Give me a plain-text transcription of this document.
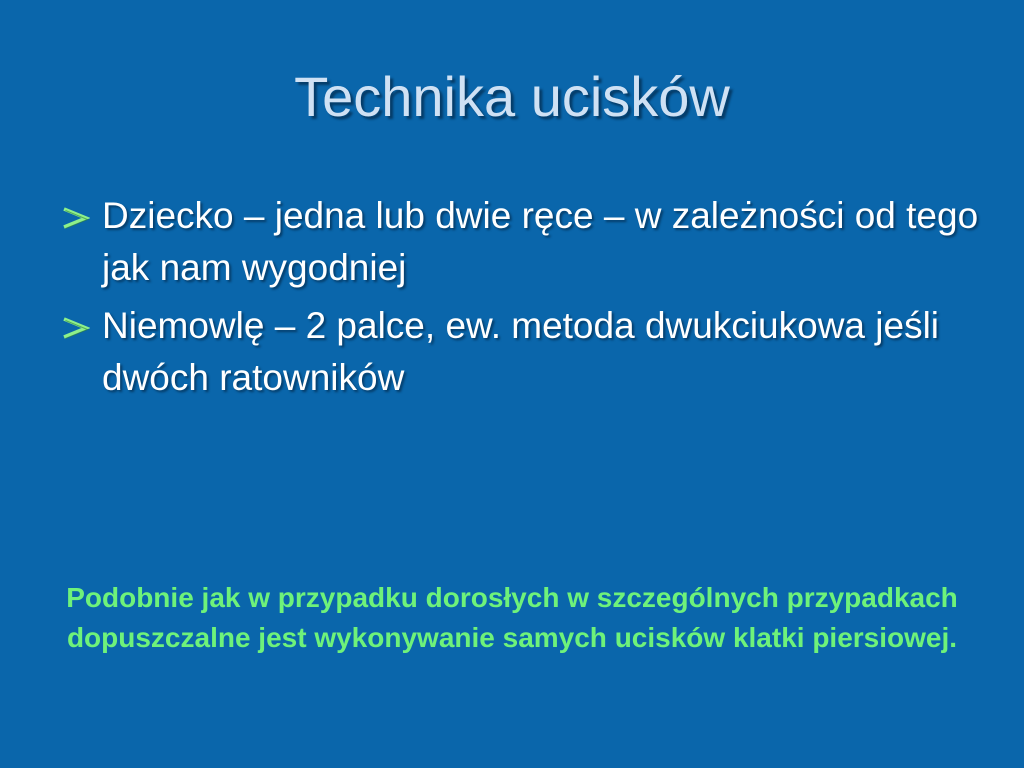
Technika ucisków
Dziecko – jedna lub dwie ręce – w zależności od tego jak nam wygodniej
Niemowlę – 2 palce, ew. metoda dwukciukowa jeśli dwóch ratowników

Podobnie jak w przypadku dorosłych w szczególnych przypadkach dopuszczalne jest wykonywanie samych ucisków klatki piersiowej.
